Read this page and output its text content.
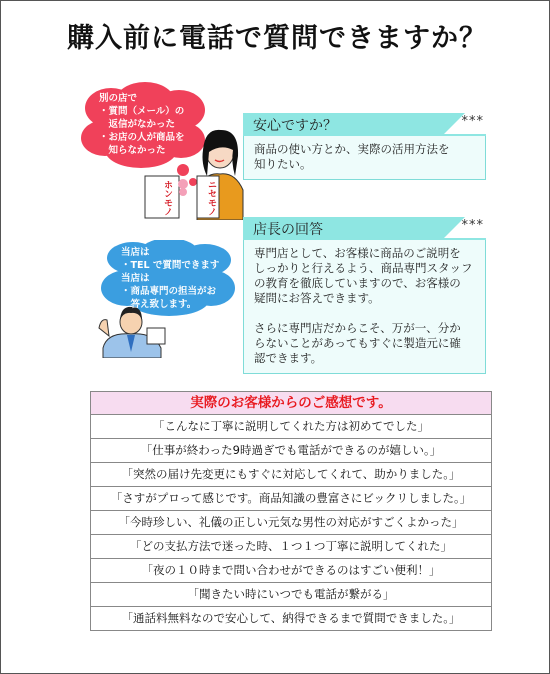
購入前に電話で質問できますか？
別の店で
・質問（メール）の
　返信がなかった
・お店の人が商品を
　知らなかった
ホンモノ	ニセモノ
当店は
・TEL で質問できます
当店は
・商品専門の担当がお
　答え致します。
安心ですか？	***

商品の使い方とか、実際の活用方法を
知りたい。

店長の回答	***

専門店として、お客様に商品のご説明を
しっかりと行えるよう、商品専門スタッフ
の教育を徹底していますので、お客様の
疑問にお答えできます。

さらに専門店だからこそ、万が一、分か
らないことがあってもすぐに製造元に確
認できます。

実際のお客様からのご感想です。
「こんなに丁寧に説明してくれた方は初めてでした」
「仕事が終わった9時過ぎでも電話ができるのが嬉しい。」
「突然の届け先変更にもすぐに対応してくれて、助かりました。」
「さすがプロって感じです。商品知識の豊富さにビックリしました。」
「今時珍しい、礼儀の正しい元気な男性の対応がすごくよかった」
「どの支払方法で迷った時、１つ１つ丁寧に説明してくれた」
「夜の１０時まで問い合わせができるのはすごい便利！」
「聞きたい時にいつでも電話が繋がる」
「通話料無料なので安心して、納得できるまで質問できました。」
